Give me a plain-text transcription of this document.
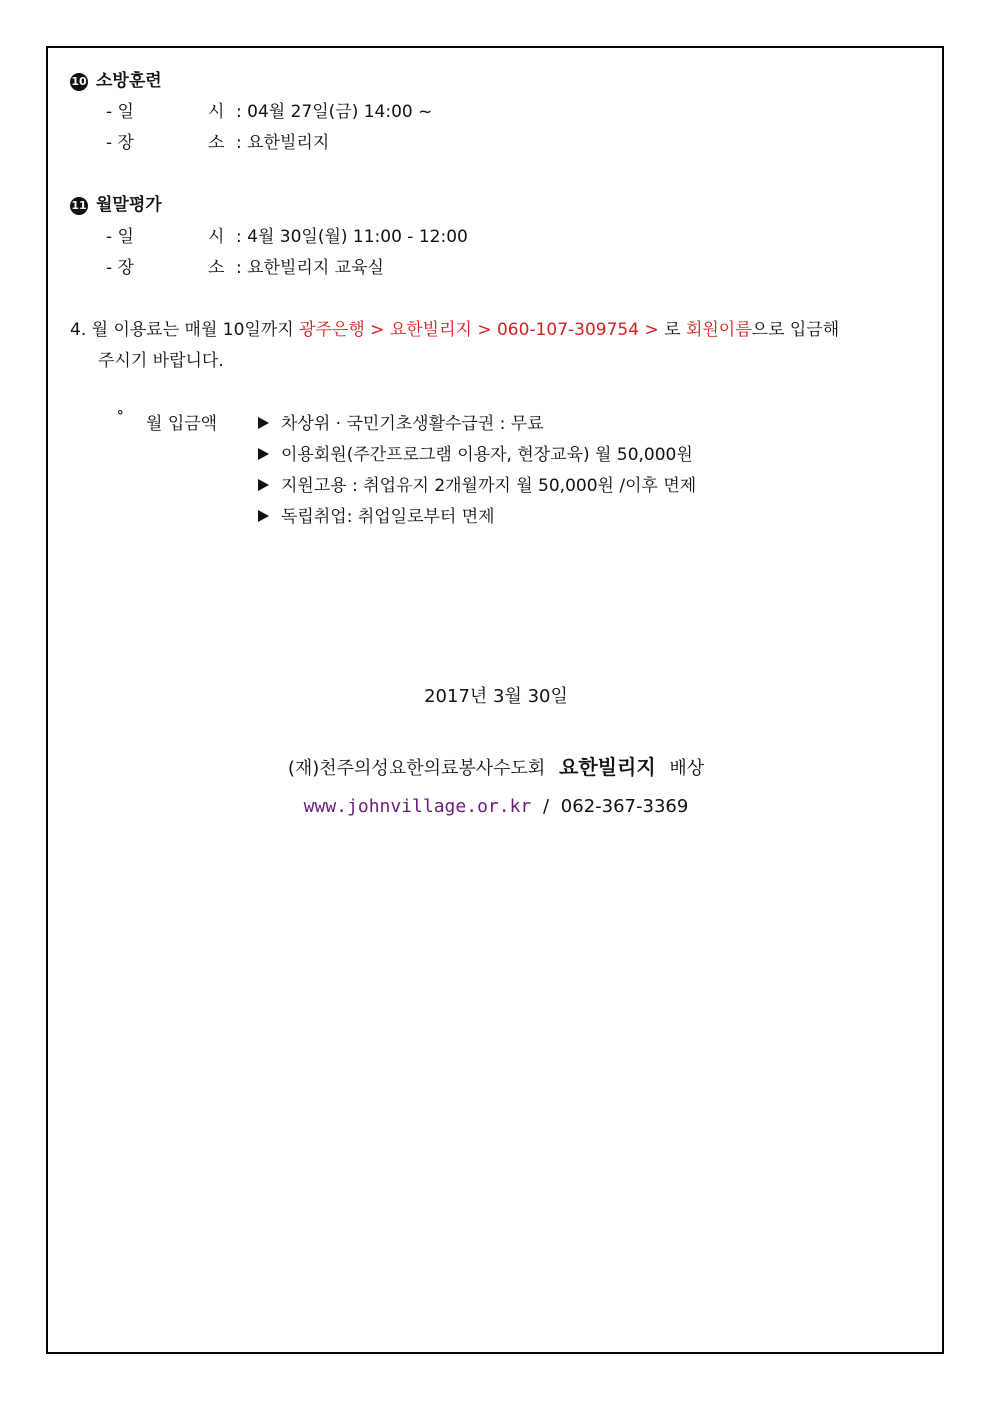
10 소방훈련
- 일	시 : 04월 27일(금) 14:00 ~
- 장	소 : 요한빌리지
11 월말평가
- 일	시 : 4월 30일(월) 11:00 - 12:00
- 장	소 : 요한빌리지 교육실
4. 월 이용료는 매월 10일까지 광주은행 > 요한빌리지 > 060-107-309754 > 로 회원이름으로 입금해
주시기 바랍니다.
˚ 월 입금액	차상위 · 국민기초생활수급권 : 무료
이용회원(주간프로그램 이용자, 현장교육) 월 50,000원
지원고용 : 취업유지 2개월까지 월 50,000원 /이후 면제
독립취업: 취업일로부터 면제
2017년 3월 30일
(재)천주의성요한의료봉사수도회 요한빌리지 배상
www.johnvillage.or.kr / 062-367-3369
